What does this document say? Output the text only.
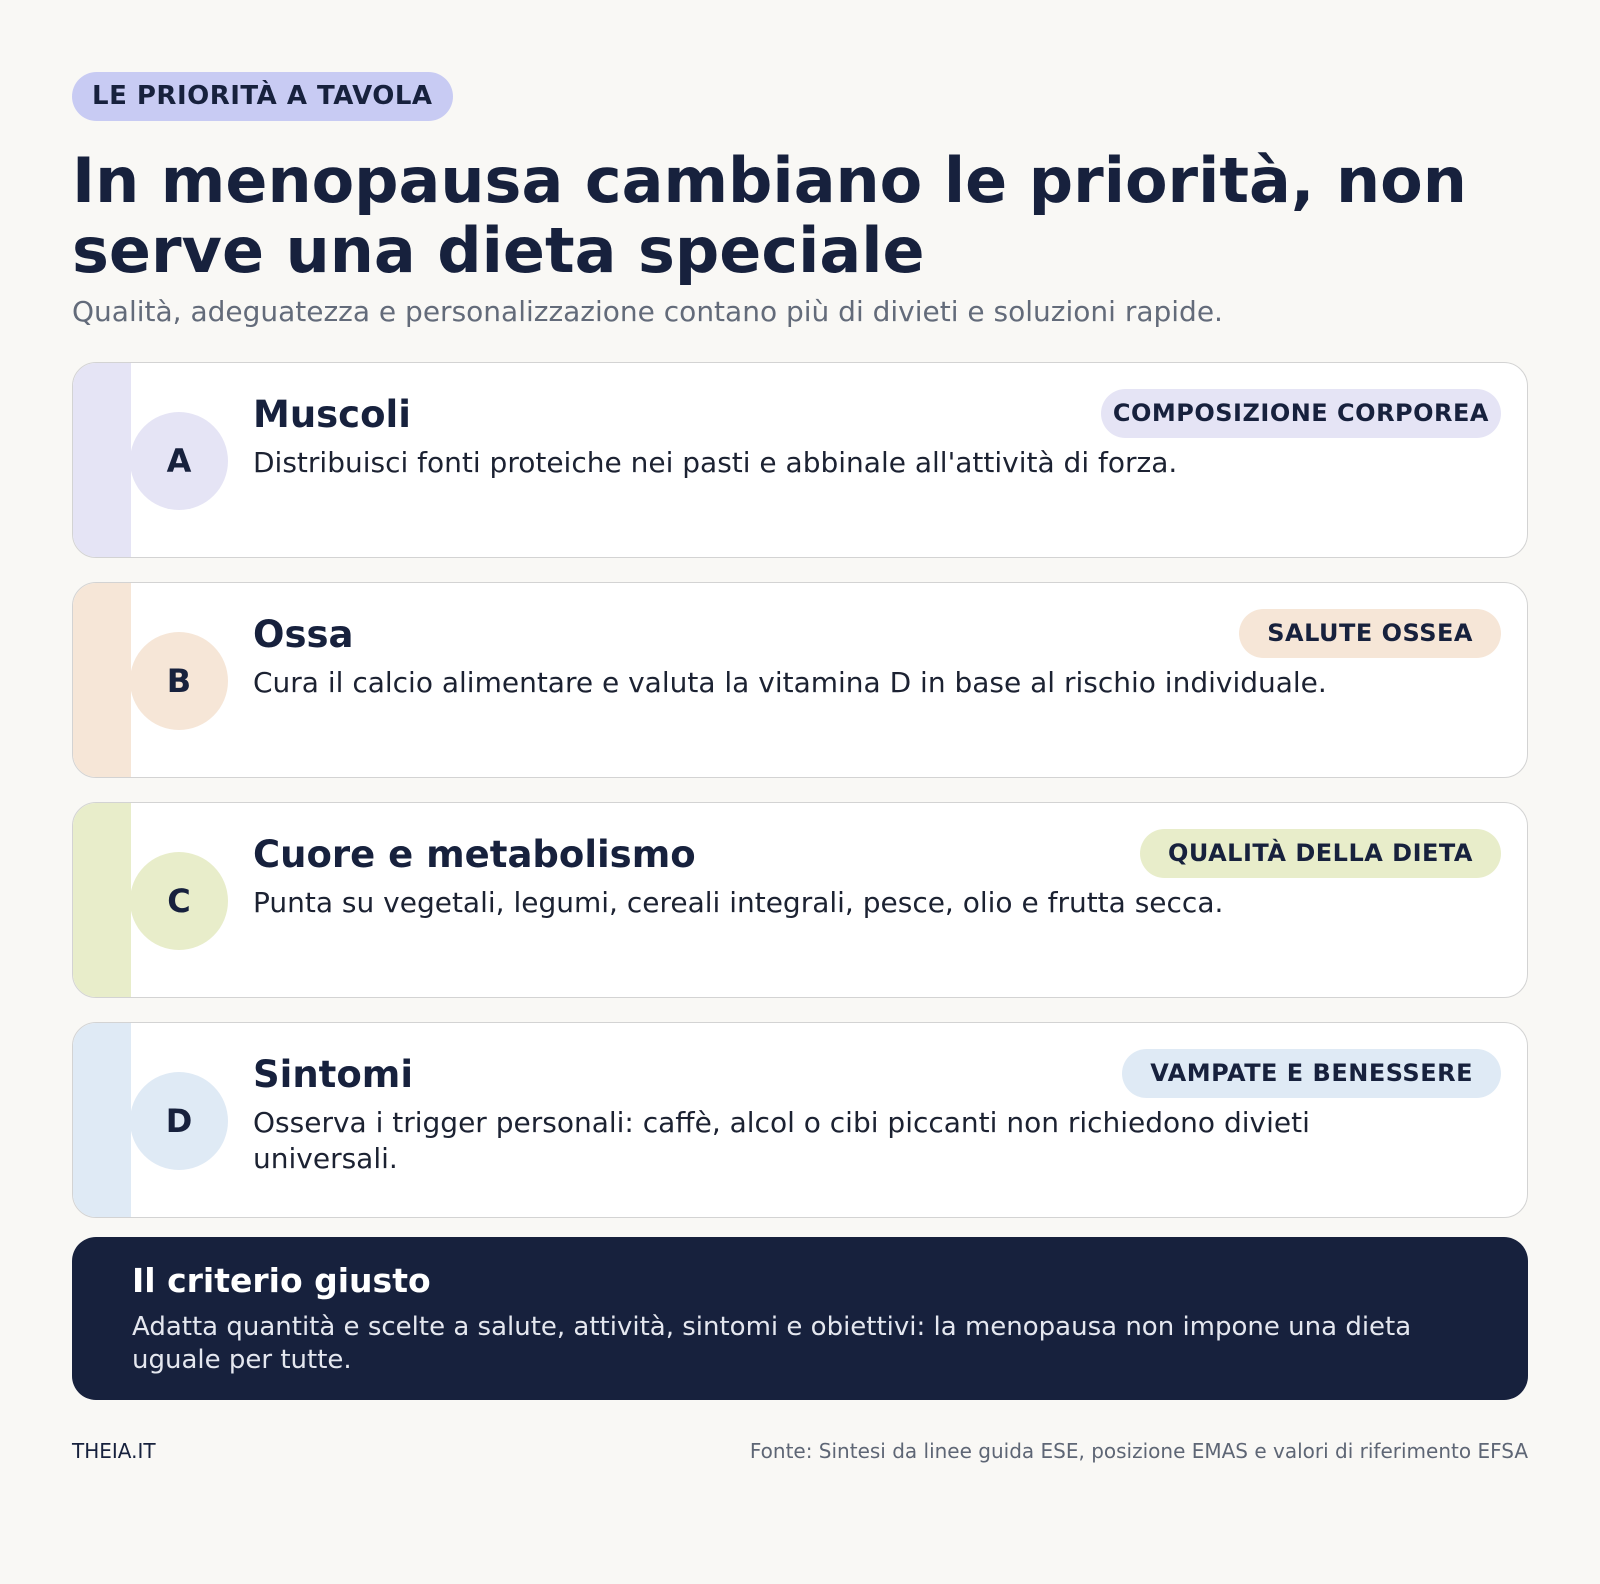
LE PRIORITÀ A TAVOLA
In menopausa cambiano le priorità, non serve una dieta speciale

Qualità, adeguatezza e personalizzazione contano più di divieti e soluzioni rapide.

A
Muscoli	COMPOSIZIONE CORPOREA
Distribuisci fonti proteiche nei pasti e abbinale all'attività di forza.
B
Ossa	SALUTE OSSEA
Cura il calcio alimentare e valuta la vitamina D in base al rischio individuale.
C
Cuore e metabolismo	QUALITÀ DELLA DIETA
Punta su vegetali, legumi, cereali integrali, pesce, olio e frutta secca.
D
Sintomi	VAMPATE E BENESSERE
Osserva i trigger personali: caffè, alcol o cibi piccanti non richiedono divieti universali.
Il criterio giusto
Adatta quantità e scelte a salute, attività, sintomi e obiettivi: la menopausa non impone una dieta uguale per tutte.
THEIA.IT	Fonte: Sintesi da linee guida ESE, posizione EMAS e valori di riferimento EFSA
